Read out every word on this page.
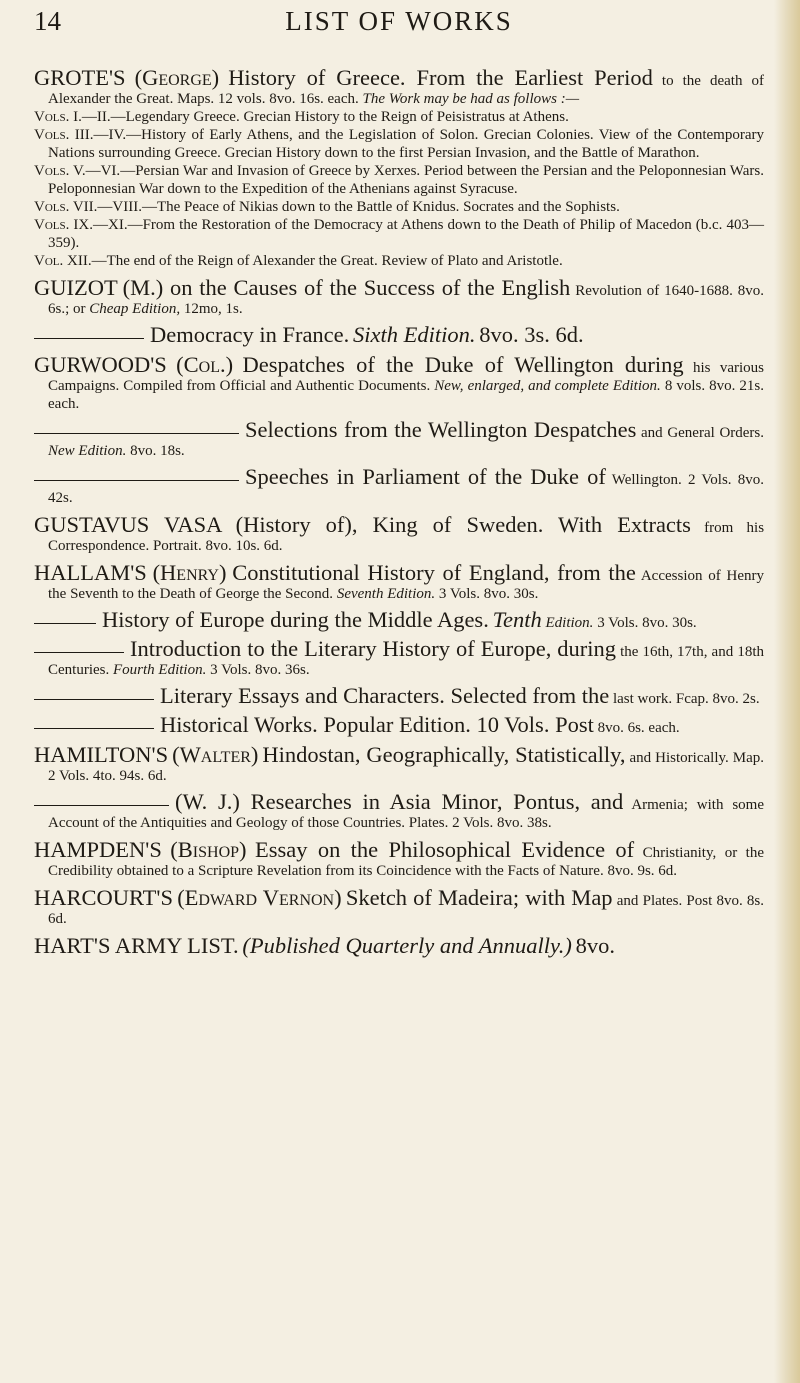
14	LIST OF WORKS
GROTE'S (George) History of Greece. From the Earliest Period to the death of Alexander the Great. Maps. 12 vols. 8vo. 16s. each. The Work may be had as follows :—
Vols. I.—II.—Legendary Greece. Grecian History to the Reign of Peisistratus at Athens.
Vols. III.—IV.—History of Early Athens, and the Legislation of Solon. Grecian Colonies. View of the Contemporary Nations surrounding Greece. Grecian History down to the first Persian Invasion, and the Battle of Marathon.
Vols. V.—VI.—Persian War and Invasion of Greece by Xerxes. Period between the Persian and the Peloponnesian Wars. Peloponnesian War down to the Expedition of the Athenians against Syracuse.
Vols. VII.—VIII.—The Peace of Nikias down to the Battle of Knidus. Socrates and the Sophists.
Vols. IX.—XI.—From the Restoration of the Democracy at Athens down to the Death of Philip of Macedon (b.c. 403—359).
Vol. XII.—The end of the Reign of Alexander the Great. Review of Plato and Aristotle.
GUIZOT (M.) on the Causes of the Success of the English Revolution of 1640-1688. 8vo. 6s.; or Cheap Edition, 12mo, 1s.
Democracy in France. Sixth Edition. 8vo. 3s. 6d.
GURWOOD'S (Col.) Despatches of the Duke of Wellington during his various Campaigns. Compiled from Official and Authentic Documents. New, enlarged, and complete Edition. 8 vols. 8vo. 21s. each.
Selections from the Wellington Despatches and General Orders. New Edition. 8vo. 18s.
Speeches in Parliament of the Duke of Wellington. 2 Vols. 8vo. 42s.
GUSTAVUS VASA (History of), King of Sweden. With Extracts from his Correspondence. Portrait. 8vo. 10s. 6d.
HALLAM'S (Henry) Constitutional History of England, from the Accession of Henry the Seventh to the Death of George the Second. Seventh Edition. 3 Vols. 8vo. 30s.
History of Europe during the Middle Ages. Tenth Edition. 3 Vols. 8vo. 30s.
Introduction to the Literary History of Europe, during the 16th, 17th, and 18th Centuries. Fourth Edition. 3 Vols. 8vo. 36s.
Literary Essays and Characters. Selected from the last work. Fcap. 8vo. 2s.
Historical Works. Popular Edition. 10 Vols. Post 8vo. 6s. each.
HAMILTON'S (Walter) Hindostan, Geographically, Statistically, and Historically. Map. 2 Vols. 4to. 94s. 6d.
(W. J.) Researches in Asia Minor, Pontus, and Armenia; with some Account of the Antiquities and Geology of those Countries. Plates. 2 Vols. 8vo. 38s.
HAMPDEN'S (Bishop) Essay on the Philosophical Evidence of Christianity, or the Credibility obtained to a Scripture Revelation from its Coincidence with the Facts of Nature. 8vo. 9s. 6d.
HARCOURT'S (Edward Vernon) Sketch of Madeira; with Map and Plates. Post 8vo. 8s. 6d.
HART'S ARMY LIST. (Published Quarterly and Annually.) 8vo.
